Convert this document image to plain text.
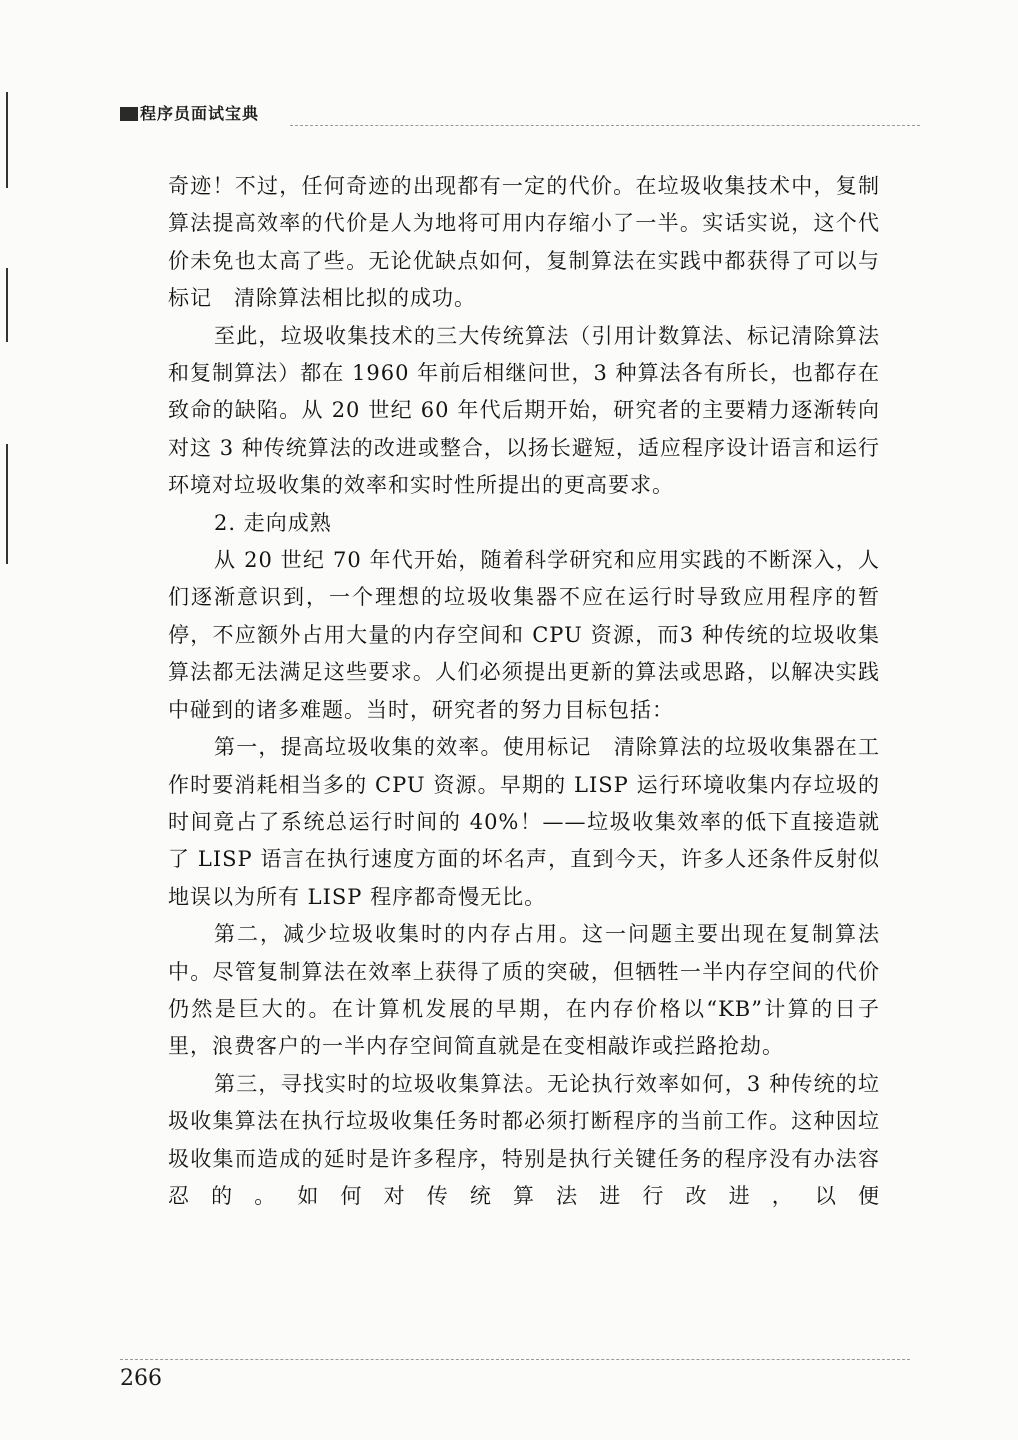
程序员面试宝典

奇迹！不过，任何奇迹的出现都有一定的代价。在垃圾收集技术中，复制算法提高效率的代价是人为地将可用内存缩小了一半。实话实说，这个代价未免也太高了些。无论优缺点如何，复制算法在实践中都获得了可以与标记　清除算法相比拟的成功。

至此，垃圾收集技术的三大传统算法（引用计数算法、标记清除算法和复制算法）都在 1960 年前后相继问世，3 种算法各有所长，也都存在致命的缺陷。从 20 世纪 60 年代后期开始，研究者的主要精力逐渐转向对这 3 种传统算法的改进或整合，以扬长避短，适应程序设计语言和运行环境对垃圾收集的效率和实时性所提出的更高要求。

2. 走向成熟

从 20 世纪 70 年代开始，随着科学研究和应用实践的不断深入，人们逐渐意识到，一个理想的垃圾收集器不应在运行时导致应用程序的暂停，不应额外占用大量的内存空间和 CPU 资源，而3 种传统的垃圾收集算法都无法满足这些要求。人们必须提出更新的算法或思路，以解决实践中碰到的诸多难题。当时，研究者的努力目标包括：

第一，提高垃圾收集的效率。使用标记　清除算法的垃圾收集器在工作时要消耗相当多的 CPU 资源。早期的 LISP 运行环境收集内存垃圾的时间竟占了系统总运行时间的 40%！——垃圾收集效率的低下直接造就了 LISP 语言在执行速度方面的坏名声，直到今天，许多人还条件反射似地误以为所有 LISP 程序都奇慢无比。

第二，减少垃圾收集时的内存占用。这一问题主要出现在复制算法中。尽管复制算法在效率上获得了质的突破，但牺牲一半内存空间的代价仍然是巨大的。在计算机发展的早期，在内存价格以“KB”计算的日子里，浪费客户的一半内存空间简直就是在变相敲诈或拦路抢劫。

第三，寻找实时的垃圾收集算法。无论执行效率如何，3 种传统的垃圾收集算法在执行垃圾收集任务时都必须打断程序的当前工作。这种因垃圾收集而造成的延时是许多程序，特别是执行关键任务的程序没有办法容忍的。如何对传统算法进行改进，以便

266
